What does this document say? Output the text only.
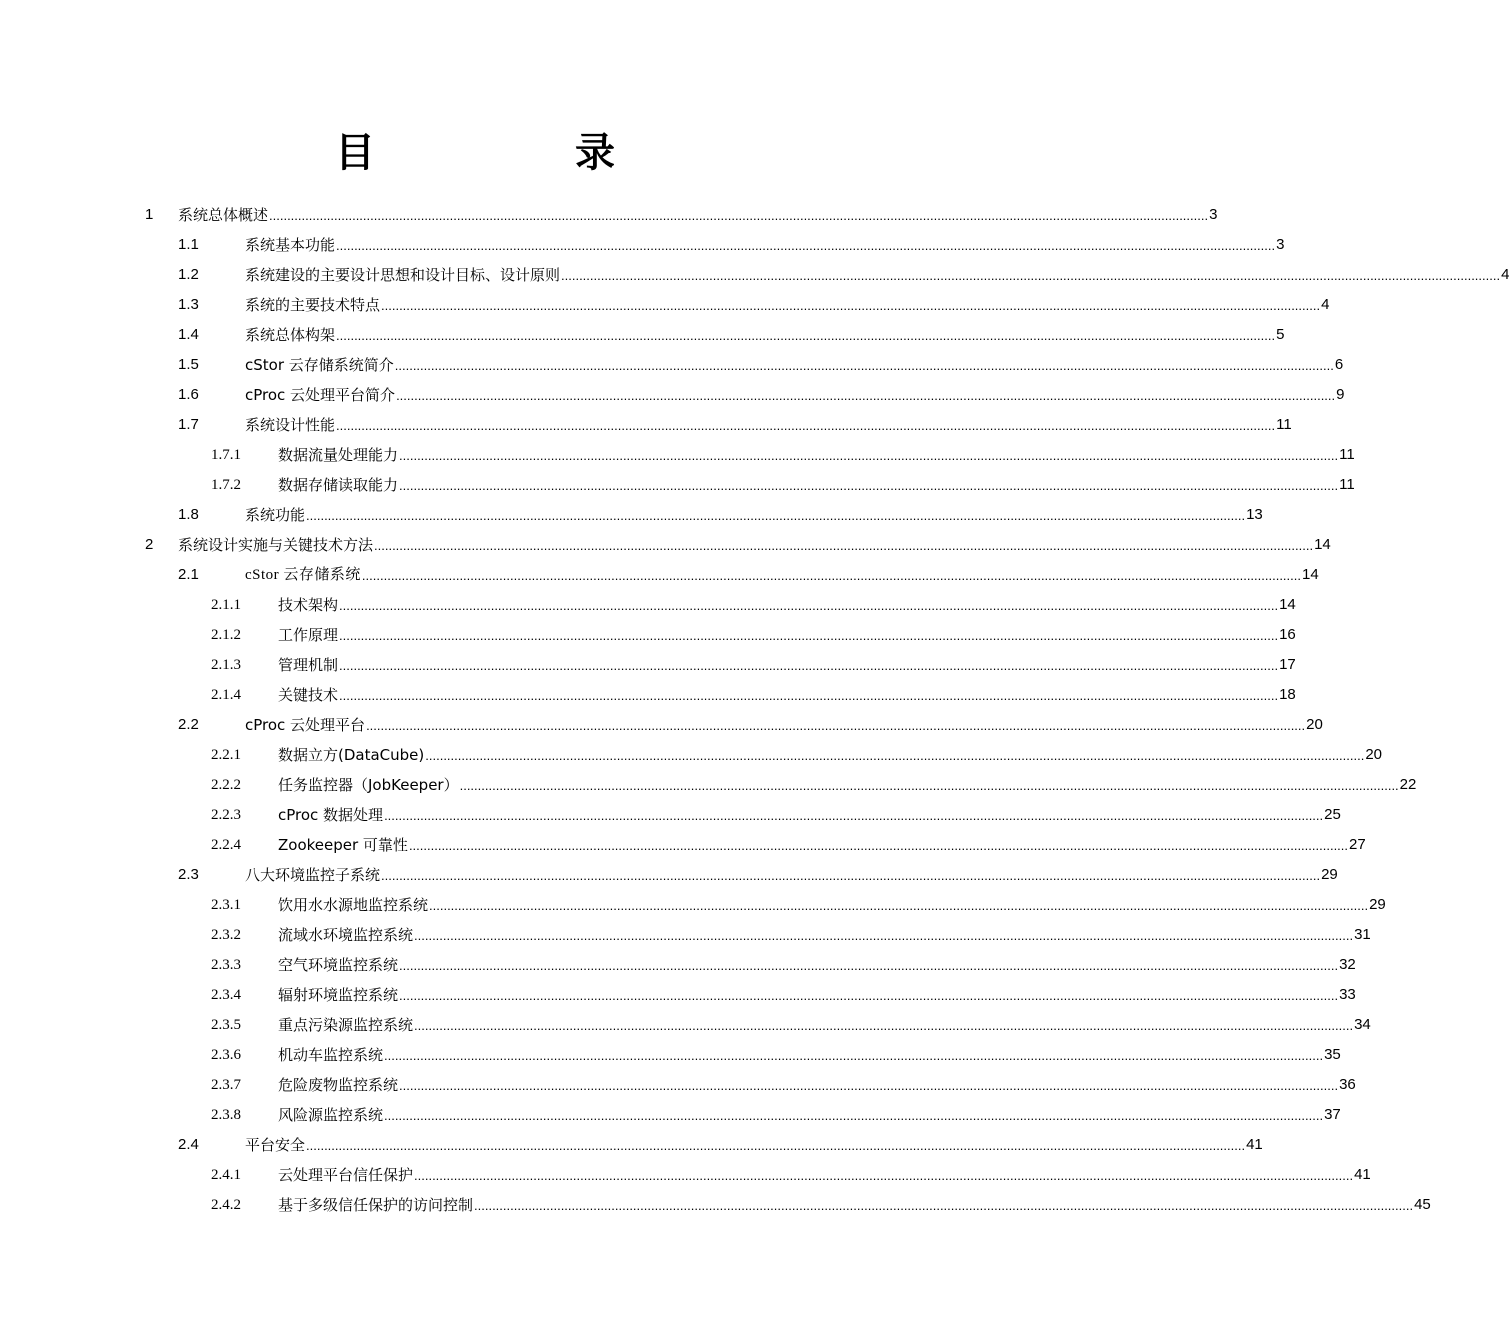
目　录
1 系统总体概述 .................................................................................................................................................................................................................................................................... 3
1.1	系统基本功能 .................................................................................................................................................................................................................................................................... 3
1.2	系统建设的主要设计思想和设计目标、设计原则 .................................................................................................................................................................................................................................................................... 4
1.3	系统的主要技术特点 .................................................................................................................................................................................................................................................................... 4
1.4	系统总体构架 .................................................................................................................................................................................................................................................................... 5
1.5	cStor 云存储系统简介 .................................................................................................................................................................................................................................................................... 6
1.6	cProc 云处理平台简介 .................................................................................................................................................................................................................................................................... 9
1.7	系统设计性能 .................................................................................................................................................................................................................................................................... 11
1.7.1 数据流量处理能力 .................................................................................................................................................................................................................................................................... 11
1.7.2 数据存储读取能力 .................................................................................................................................................................................................................................................................... 11
1.8	系统功能 .................................................................................................................................................................................................................................................................... 13
2 系统设计实施与关键技术方法 .................................................................................................................................................................................................................................................................... 14
2.1	cStor 云存储系统 .................................................................................................................................................................................................................................................................... 14
2.1.1 技术架构 .................................................................................................................................................................................................................................................................... 14
2.1.2 工作原理 .................................................................................................................................................................................................................................................................... 16
2.1.3 管理机制 .................................................................................................................................................................................................................................................................... 17
2.1.4 关键技术 .................................................................................................................................................................................................................................................................... 18
2.2	cProc 云处理平台 .................................................................................................................................................................................................................................................................... 20
2.2.1 数据立方(DataCube) .................................................................................................................................................................................................................................................................... 20
2.2.2 任务监控器（JobKeeper） .................................................................................................................................................................................................................................................................... 22
2.2.3 cProc 数据处理 .................................................................................................................................................................................................................................................................... 25
2.2.4 Zookeeper 可靠性 .................................................................................................................................................................................................................................................................... 27
2.3	八大环境监控子系统 .................................................................................................................................................................................................................................................................... 29
2.3.1 饮用水水源地监控系统 .................................................................................................................................................................................................................................................................... 29
2.3.2 流域水环境监控系统 .................................................................................................................................................................................................................................................................... 31
2.3.3 空气环境监控系统 .................................................................................................................................................................................................................................................................... 32
2.3.4 辐射环境监控系统 .................................................................................................................................................................................................................................................................... 33
2.3.5 重点污染源监控系统 .................................................................................................................................................................................................................................................................... 34
2.3.6 机动车监控系统 .................................................................................................................................................................................................................................................................... 35
2.3.7 危险废物监控系统 .................................................................................................................................................................................................................................................................... 36
2.3.8 风险源监控系统 .................................................................................................................................................................................................................................................................... 37
2.4	平台安全 .................................................................................................................................................................................................................................................................... 41
2.4.1 云处理平台信任保护 .................................................................................................................................................................................................................................................................... 41
2.4.2 基于多级信任保护的访问控制 .................................................................................................................................................................................................................................................................... 45
